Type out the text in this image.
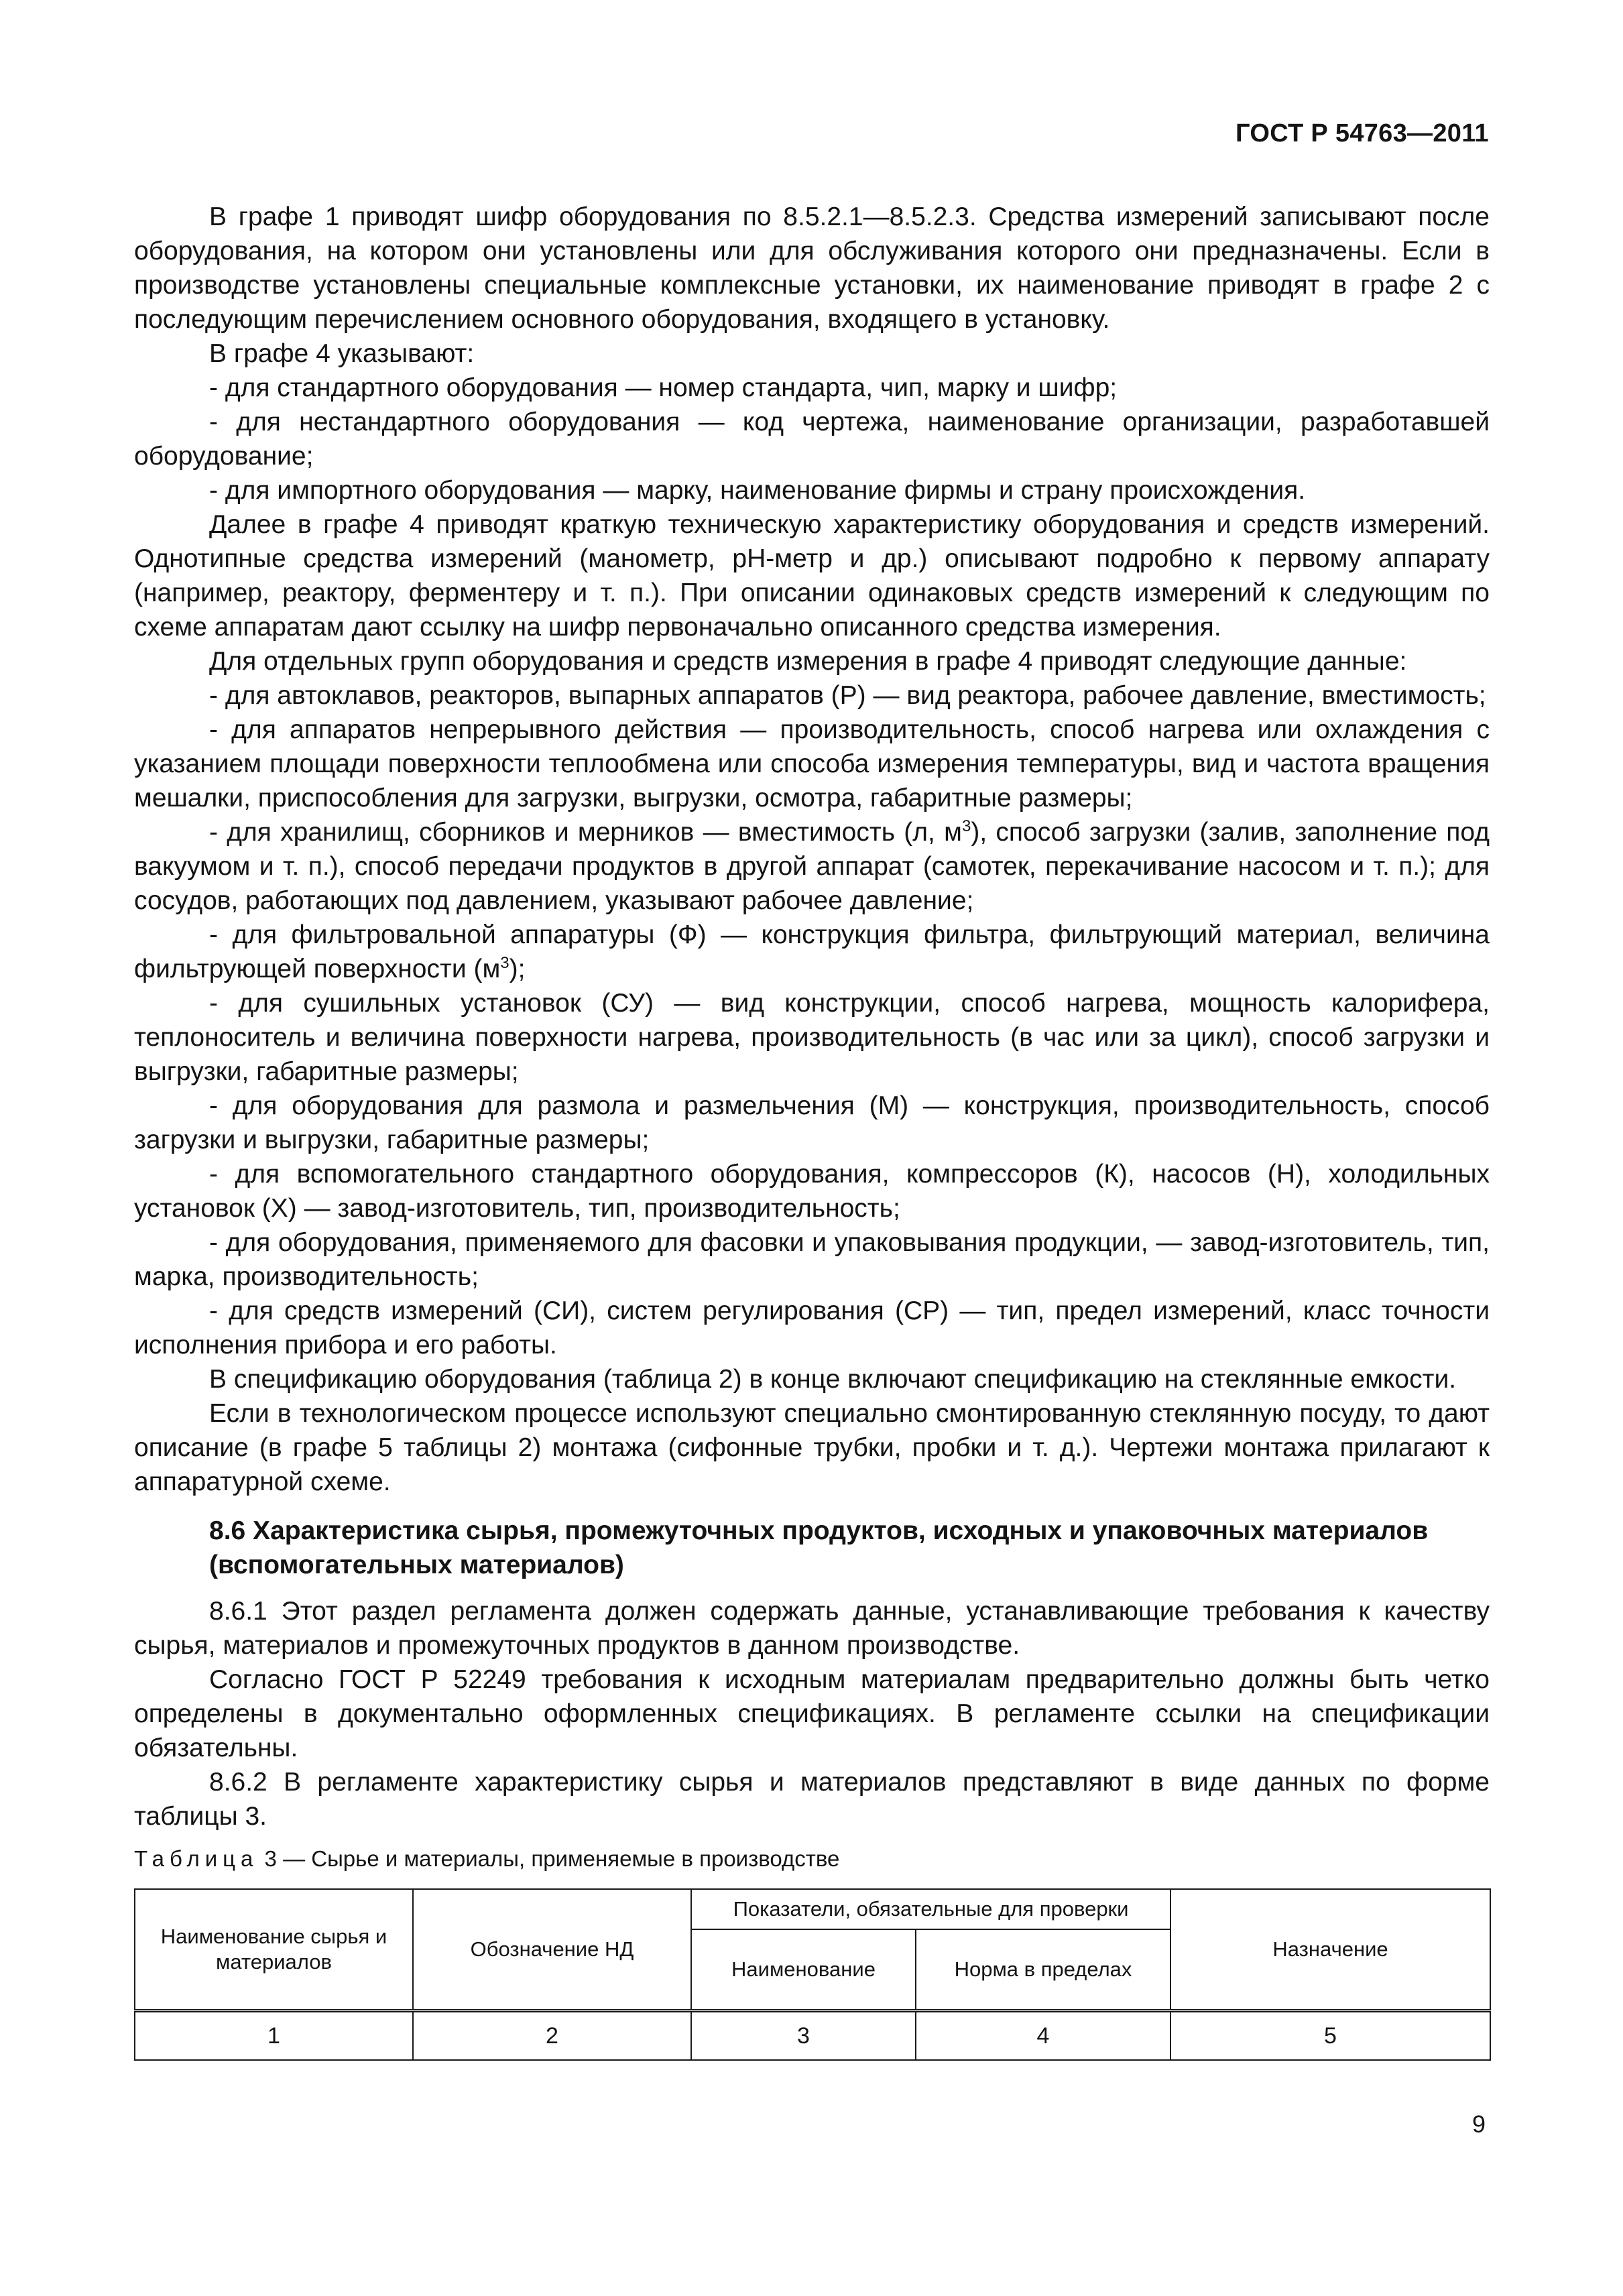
ГОСТ Р 54763—2011

В графе 1 приводят шифр оборудования по 8.5.2.1—8.5.2.3. Средства измерений записывают после оборудования, на котором они установлены или для обслуживания которого они предназначены. Если в производстве установлены специальные комплексные установки, их наименование приводят в графе 2 с последующим перечислением основного оборудования, входящего в установку.

В графе 4 указывают:

- для стандартного оборудования — номер стандарта, чип, марку и шифр;

- для нестандартного оборудования — код чертежа, наименование организации, разработавшей оборудование;

- для импортного оборудования — марку, наименование фирмы и страну происхождения.

Далее в графе 4 приводят краткую техническую характеристику оборудования и средств измерений. Однотипные средства измерений (манометр, рН-метр и др.) описывают подробно к первому аппарату (например, реактору, ферментеру и т. п.). При описании одинаковых средств измерений к следующим по схеме аппаратам дают ссылку на шифр первоначально описанного средства измерения.

Для отдельных групп оборудования и средств измерения в графе 4 приводят следующие данные:

- для автоклавов, реакторов, выпарных аппаратов (Р) — вид реактора, рабочее давление, вместимость;

- для аппаратов непрерывного действия — производительность, способ нагрева или охлаждения с указанием площади поверхности теплообмена или способа измерения температуры, вид и частота вращения мешалки, приспособления для загрузки, выгрузки, осмотра, габаритные размеры;

- для хранилищ, сборников и мерников — вместимость (л, $м^3$), способ загрузки (залив, заполнение под вакуумом и т. п.), способ передачи продуктов в другой аппарат (самотек, перекачивание насосом и т. п.); для сосудов, работающих под давлением, указывают рабочее давление;

- для фильтровальной аппаратуры (Ф) — конструкция фильтра, фильтрующий материал, величина фильтрующей поверхности $(м^3)$;

- для сушильных установок (СУ) — вид конструкции, способ нагрева, мощность калорифера, теплоноситель и величина поверхности нагрева, производительность (в час или за цикл), способ загрузки и выгрузки, габаритные размеры;

- для оборудования для размола и размельчения (М) — конструкция, производительность, способ загрузки и выгрузки, габаритные размеры;

- для вспомогательного стандартного оборудования, компрессоров (К), насосов (Н), холодильных установок (Х) — завод-изготовитель, тип, производительность;

- для оборудования, применяемого для фасовки и упаковывания продукции, — завод-изготовитель, тип, марка, производительность;

- для средств измерений (СИ), систем регулирования (СР) — тип, предел измерений, класс точности исполнения прибора и его работы.

В спецификацию оборудования (таблица 2) в конце включают спецификацию на стеклянные емкости.

Если в технологическом процессе используют специально смонтированную стеклянную посуду, то дают описание (в графе 5 таблицы 2) монтажа (сифонные трубки, пробки и т. д.). Чертежи монтажа прилагают к аппаратурной схеме.

8.6 Характеристика сырья, промежуточных продуктов, исходных и упаковочных материалов (вспомогательных материалов)

8.6.1 Этот раздел регламента должен содержать данные, устанавливающие требования к качеству сырья, материалов и промежуточных продуктов в данном производстве.

Согласно ГОСТ Р 52249 требования к исходным материалам предварительно должны быть четко определены в документально оформленных спецификациях. В регламенте ссылки на спецификации обязательны.

8.6.2 В регламенте характеристику сырья и материалов представляют в виде данных по форме таблицы 3.

Таблица 3 — Сырье и материалы, применяемые в производстве
Наименование сырья и материалов	Обозначение НД	Показатели, обязательные для проверки		Назначение
		Наименование	Норма в пределах	
1	2	3	4	5
9
